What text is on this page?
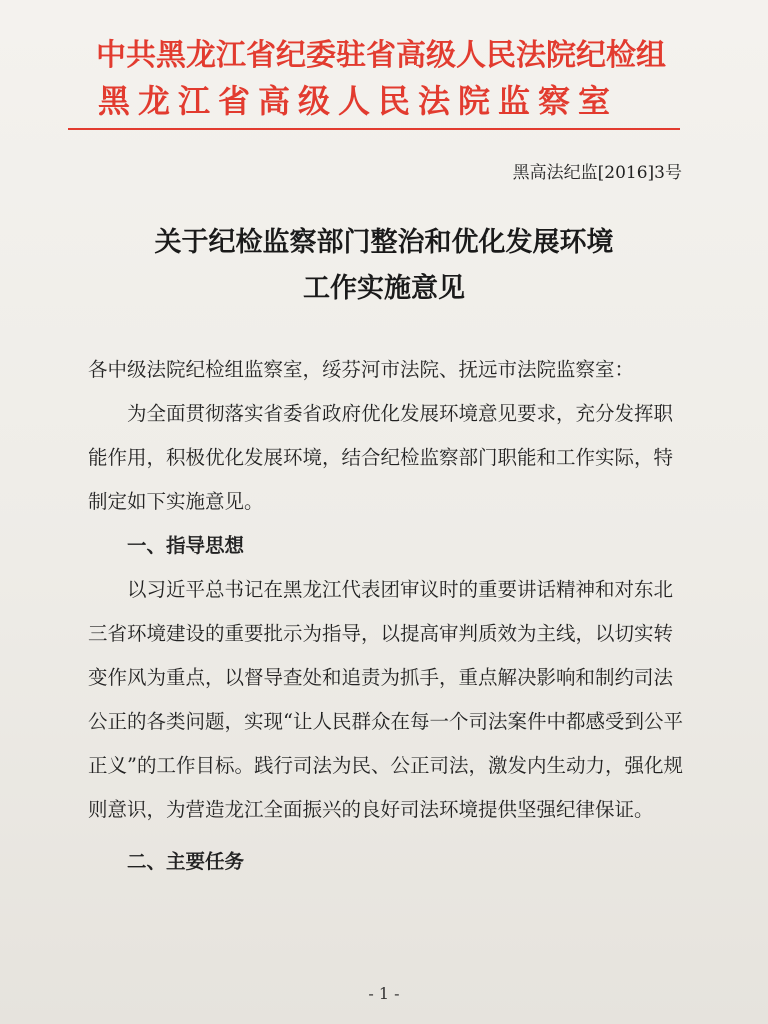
中共黑龙江省纪委驻省高级人民法院纪检组
黑龙江省高级人民法院监察室
黑高法纪监[2016]3号
关于纪检监察部门整治和优化发展环境
工作实施意见

各中级法院纪检组监察室，绥芬河市法院、抚远市法院监察室：

为全面贯彻落实省委省政府优化发展环境意见要求，充分发挥职能作用，积极优化发展环境，结合纪检监察部门职能和工作实际，特制定如下实施意见。

一、指导思想

以习近平总书记在黑龙江代表团审议时的重要讲话精神和对东北三省环境建设的重要批示为指导，以提高审判质效为主线，以切实转变作风为重点，以督导查处和追责为抓手，重点解决影响和制约司法公正的各类问题，实现“让人民群众在每一个司法案件中都感受到公平正义”的工作目标。践行司法为民、公正司法，激发内生动力，强化规则意识，为营造龙江全面振兴的良好司法环境提供坚强纪律保证。

二、主要任务

- 1 -
